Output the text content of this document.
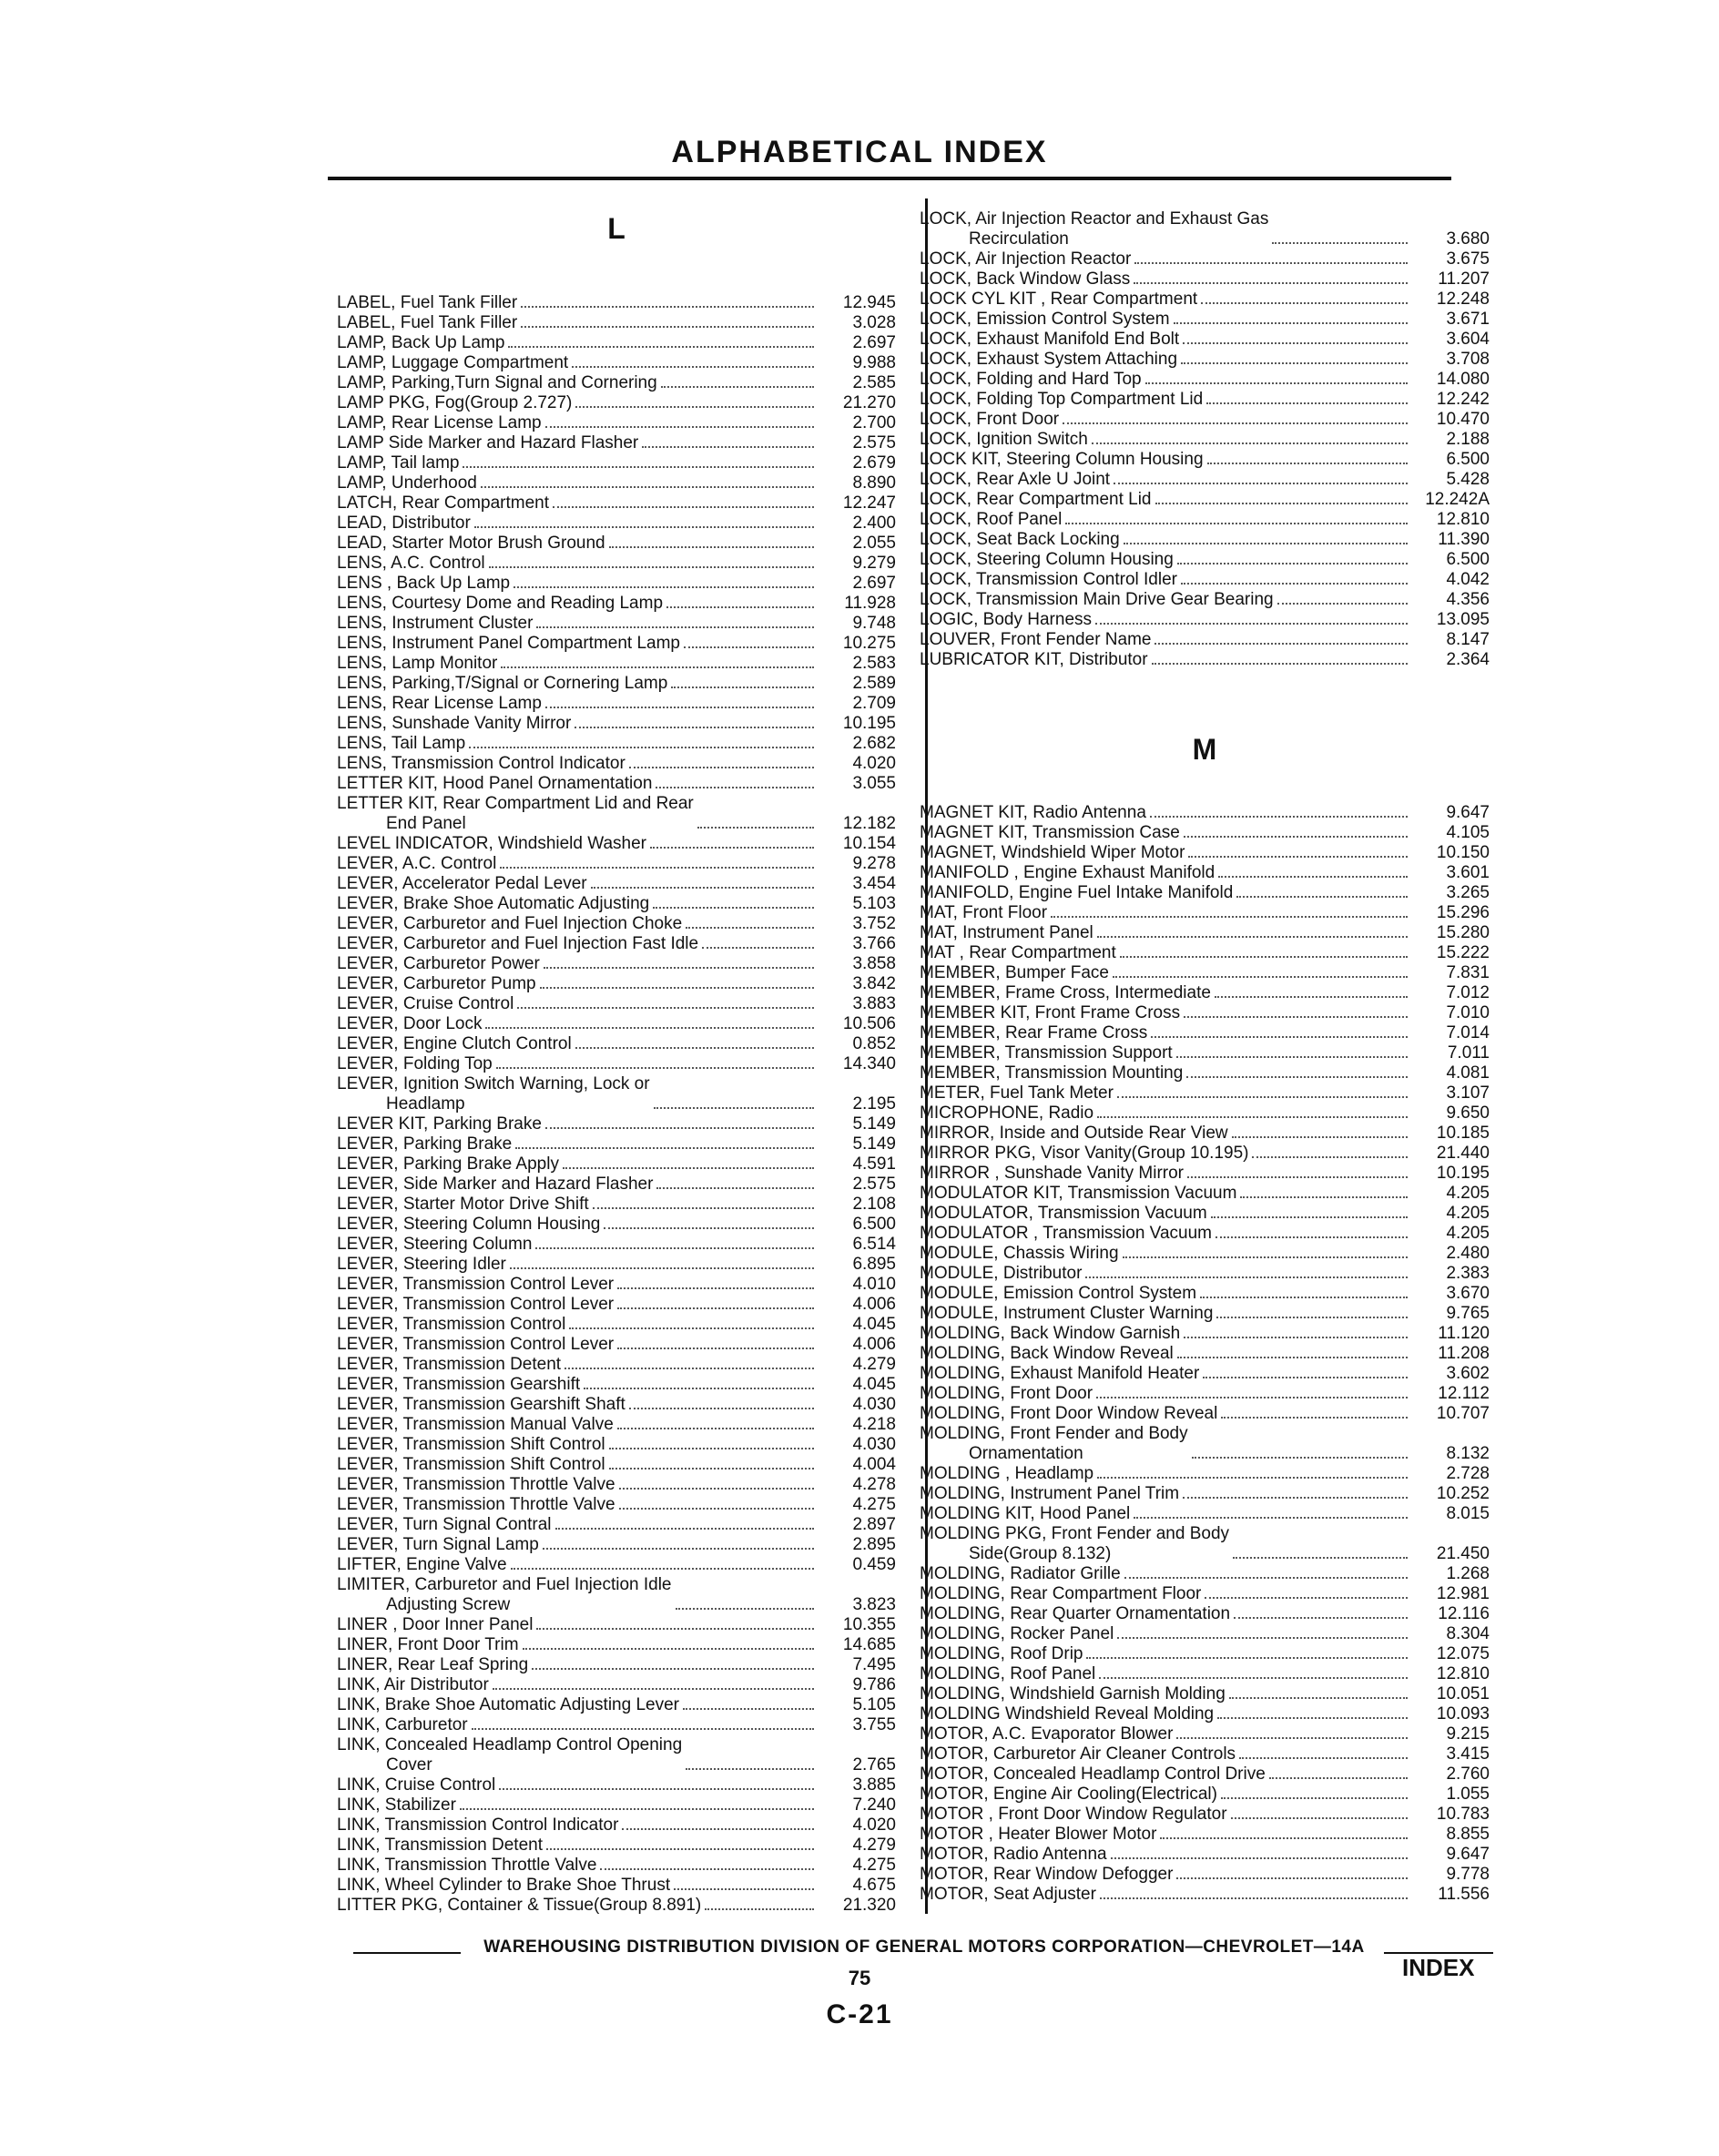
ALPHABETICAL INDEX
L
LABEL, Fuel Tank Filler	12.945
LABEL, Fuel Tank Filler	3.028
LAMP, Back Up Lamp	2.697
LAMP, Luggage Compartment	9.988
LAMP, Parking,Turn Signal and Cornering	2.585
LAMP PKG, Fog(Group 2.727)	21.270
LAMP, Rear License Lamp	2.700
LAMP Side Marker and Hazard Flasher	2.575
LAMP, Tail lamp	2.679
LAMP, Underhood	8.890
LATCH, Rear Compartment	12.247
LEAD, Distributor	2.400
LEAD, Starter Motor Brush Ground	2.055
LENS, A.C. Control	9.279
LENS , Back Up Lamp	2.697
LENS, Courtesy Dome and Reading Lamp	11.928
LENS, Instrument Cluster	9.748
LENS, Instrument Panel Compartment Lamp	10.275
LENS, Lamp Monitor	2.583
LENS, Parking,T/Signal or Cornering Lamp	2.589
LENS, Rear License Lamp	2.709
LENS, Sunshade Vanity Mirror	10.195
LENS, Tail Lamp	2.682
LENS, Transmission Control Indicator	4.020
LETTER KIT, Hood Panel Ornamentation	3.055
LETTER KIT, Rear Compartment Lid and Rear
End Panel	12.182
LEVEL INDICATOR, Windshield Washer	10.154
LEVER, A.C. Control	9.278
LEVER, Accelerator Pedal Lever	3.454
LEVER, Brake Shoe Automatic Adjusting	5.103
LEVER, Carburetor and Fuel Injection Choke	3.752
LEVER, Carburetor and Fuel Injection Fast Idle	3.766
LEVER, Carburetor Power	3.858
LEVER, Carburetor Pump	3.842
LEVER, Cruise Control	3.883
LEVER, Door Lock	10.506
LEVER, Engine Clutch Control	0.852
LEVER, Folding Top	14.340
LEVER, Ignition Switch Warning, Lock or
Headlamp	2.195
LEVER KIT, Parking Brake	5.149
LEVER, Parking Brake	5.149
LEVER, Parking Brake Apply	4.591
LEVER, Side Marker and Hazard Flasher	2.575
LEVER, Starter Motor Drive Shift	2.108
LEVER, Steering Column Housing	6.500
LEVER, Steering Column	6.514
LEVER, Steering Idler	6.895
LEVER, Transmission Control Lever	4.010
LEVER, Transmission Control Lever	4.006
LEVER, Transmission Control	4.045
LEVER, Transmission Control Lever	4.006
LEVER, Transmission Detent	4.279
LEVER, Transmission Gearshift	4.045
LEVER, Transmission Gearshift Shaft	4.030
LEVER, Transmission Manual Valve	4.218
LEVER, Transmission Shift Control	4.030
LEVER, Transmission Shift Control	4.004
LEVER, Transmission Throttle Valve	4.278
LEVER, Transmission Throttle Valve	4.275
LEVER, Turn Signal Contral	2.897
LEVER, Turn Signal Lamp	2.895
LIFTER, Engine Valve	0.459
LIMITER, Carburetor and Fuel Injection Idle
Adjusting Screw	3.823
LINER , Door Inner Panel	10.355
LINER, Front Door Trim	14.685
LINER, Rear Leaf Spring	7.495
LINK, Air Distributor	9.786
LINK, Brake Shoe Automatic Adjusting Lever	5.105
LINK, Carburetor	3.755
LINK, Concealed Headlamp Control Opening
Cover	2.765
LINK, Cruise Control	3.885
LINK, Stabilizer	7.240
LINK, Transmission Control Indicator	4.020
LINK, Transmission Detent	4.279
LINK, Transmission Throttle Valve	4.275
LINK, Wheel Cylinder to Brake Shoe Thrust	4.675
LITTER PKG, Container & Tissue(Group 8.891)	21.320
LOCK, Air Injection Reactor and Exhaust Gas
Recirculation	3.680
LOCK, Air Injection Reactor	3.675
LOCK, Back Window Glass	11.207
LOCK CYL KIT , Rear Compartment	12.248
LOCK, Emission Control System	3.671
LOCK, Exhaust Manifold End Bolt	3.604
LOCK, Exhaust System Attaching	3.708
LOCK, Folding and Hard Top	14.080
LOCK, Folding Top Compartment Lid	12.242
LOCK, Front Door	10.470
LOCK, Ignition Switch	2.188
LOCK KIT, Steering Column Housing	6.500
LOCK, Rear Axle U Joint	5.428
LOCK, Rear Compartment Lid	12.242A
LOCK, Roof Panel	12.810
LOCK, Seat Back Locking	11.390
LOCK, Steering Column Housing	6.500
LOCK, Transmission Control Idler	4.042
LOCK, Transmission Main Drive Gear Bearing	4.356
LOGIC, Body Harness	13.095
LOUVER, Front Fender Name	8.147
LUBRICATOR KIT, Distributor	2.364
M
MAGNET KIT, Radio Antenna	9.647
MAGNET KIT, Transmission Case	4.105
MAGNET, Windshield Wiper Motor	10.150
MANIFOLD , Engine Exhaust Manifold	3.601
MANIFOLD, Engine Fuel Intake Manifold	3.265
MAT, Front Floor	15.296
MAT, Instrument Panel	15.280
MAT , Rear Compartment	15.222
MEMBER, Bumper Face	7.831
MEMBER, Frame Cross, Intermediate	7.012
MEMBER KIT, Front Frame Cross	7.010
MEMBER, Rear Frame Cross	7.014
MEMBER, Transmission Support	7.011
MEMBER, Transmission Mounting	4.081
METER, Fuel Tank Meter	3.107
MICROPHONE, Radio	9.650
MIRROR, Inside and Outside Rear View	10.185
MIRROR PKG, Visor Vanity(Group 10.195)	21.440
MIRROR , Sunshade Vanity Mirror	10.195
MODULATOR KIT, Transmission Vacuum	4.205
MODULATOR, Transmission Vacuum	4.205
MODULATOR , Transmission Vacuum	4.205
MODULE, Chassis Wiring	2.480
MODULE, Distributor	2.383
MODULE, Emission Control System	3.670
MODULE, Instrument Cluster Warning	9.765
MOLDING, Back Window Garnish	11.120
MOLDING, Back Window Reveal	11.208
MOLDING, Exhaust Manifold Heater	3.602
MOLDING, Front Door	12.112
MOLDING, Front Door Window Reveal	10.707
MOLDING, Front Fender and Body
Ornamentation	8.132
MOLDING , Headlamp	2.728
MOLDING, Instrument Panel Trim	10.252
MOLDING KIT, Hood Panel	8.015
MOLDING PKG, Front Fender and Body
Side(Group 8.132)	21.450
MOLDING, Radiator Grille	1.268
MOLDING, Rear Compartment Floor	12.981
MOLDING, Rear Quarter Ornamentation	12.116
MOLDING, Rocker Panel	8.304
MOLDING, Roof Drip	12.075
MOLDING, Roof Panel	12.810
MOLDING, Windshield Garnish Molding	10.051
MOLDING Windshield Reveal Molding	10.093
MOTOR, A.C. Evaporator Blower	9.215
MOTOR, Carburetor Air Cleaner Controls	3.415
MOTOR, Concealed Headlamp Control Drive	2.760
MOTOR, Engine Air Cooling(Electrical)	1.055
MOTOR , Front Door Window Regulator	10.783
MOTOR , Heater Blower Motor	8.855
MOTOR, Radio Antenna	9.647
MOTOR, Rear Window Defogger	9.778
MOTOR, Seat Adjuster	11.556
WAREHOUSING DISTRIBUTION DIVISION OF GENERAL MOTORS CORPORATION—CHEVROLET—14A
INDEX
75
C-21
